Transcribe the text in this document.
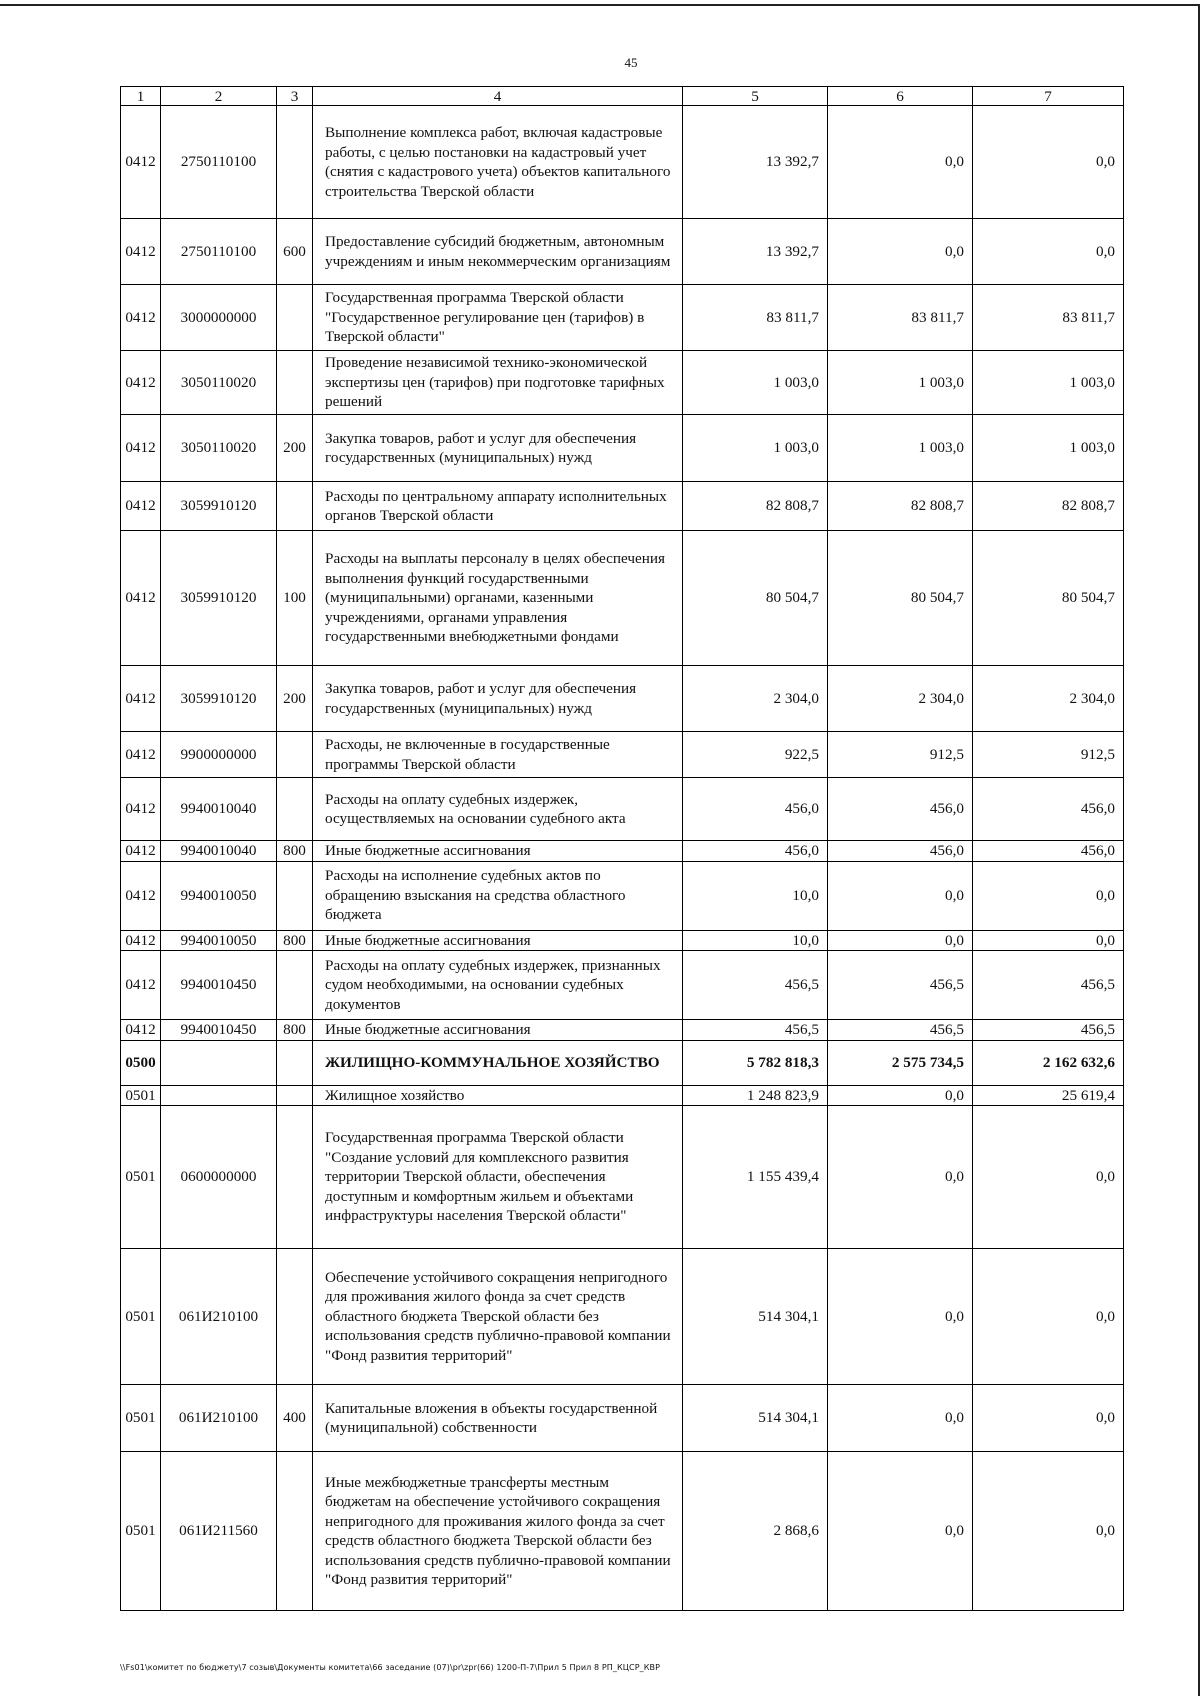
45
1	2	3	4	5	6	7
0412	2750110100		Выполнение комплекса работ, включая кадастровые работы, с целью постановки на кадастровый учет (снятия с кадастрового учета) объектов капитального строительства Тверской области	13 392,7	0,0	0,0
0412	2750110100	600	Предоставление субсидий бюджетным, автономным учреждениям и иным некоммерческим организациям	13 392,7	0,0	0,0
0412	3000000000		Государственная программа Тверской области "Государственное регулирование цен (тарифов) в Тверской области"	83 811,7	83 811,7	83 811,7
0412	3050110020		Проведение независимой технико-экономической экспертизы цен (тарифов) при подготовке тарифных решений	1 003,0	1 003,0	1 003,0
0412	3050110020	200	Закупка товаров, работ и услуг для обеспечения государственных (муниципальных) нужд	1 003,0	1 003,0	1 003,0
0412	3059910120		Расходы по центральному аппарату исполнительных органов Тверской области	82 808,7	82 808,7	82 808,7
0412	3059910120	100	Расходы на выплаты персоналу в целях обеспечения выполнения функций государственными (муниципальными) органами, казенными учреждениями, органами управления государственными внебюджетными фондами	80 504,7	80 504,7	80 504,7
0412	3059910120	200	Закупка товаров, работ и услуг для обеспечения государственных (муниципальных) нужд	2 304,0	2 304,0	2 304,0
0412	9900000000		Расходы, не включенные в государственные программы Тверской области	922,5	912,5	912,5
0412	9940010040		Расходы на оплату судебных издержек, осуществляемых на основании судебного акта	456,0	456,0	456,0
0412	9940010040	800	Иные бюджетные ассигнования	456,0	456,0	456,0
0412	9940010050		Расходы на исполнение судебных актов по обращению взыскания на средства областного бюджета	10,0	0,0	0,0
0412	9940010050	800	Иные бюджетные ассигнования	10,0	0,0	0,0
0412	9940010450		Расходы на оплату судебных издержек, признанных судом необходимыми, на основании судебных документов	456,5	456,5	456,5
0412	9940010450	800	Иные бюджетные ассигнования	456,5	456,5	456,5
0500			ЖИЛИЩНО-КОММУНАЛЬНОЕ ХОЗЯЙСТВО	5 782 818,3	2 575 734,5	2 162 632,6
0501			Жилищное хозяйство	1 248 823,9	0,0	25 619,4
0501	0600000000		Государственная программа Тверской области "Создание условий для комплексного развития территории Тверской области, обеспечения доступным и комфортным жильем и объектами инфраструктуры населения Тверской области"	1 155 439,4	0,0	0,0
0501	061И210100		Обеспечение устойчивого сокращения непригодного для проживания жилого фонда за счет средств областного бюджета Тверской области без использования средств публично-правовой компании "Фонд развития территорий"	514 304,1	0,0	0,0
0501	061И210100	400	Капитальные вложения в объекты государственной (муниципальной) собственности	514 304,1	0,0	0,0
0501	061И211560		Иные межбюджетные трансферты местным бюджетам на обеспечение устойчивого сокращения непригодного для проживания жилого фонда за счет средств областного бюджета Тверской области без использования средств публично-правовой компании "Фонд развития территорий"	2 868,6	0,0	0,0
\\Fs01\комитет по бюджету\7 созыв\Документы комитета\66 заседание (07)\pr\zpr(66) 1200-П-7\Прил 5 Прил 8 РП_КЦСР_КВР
